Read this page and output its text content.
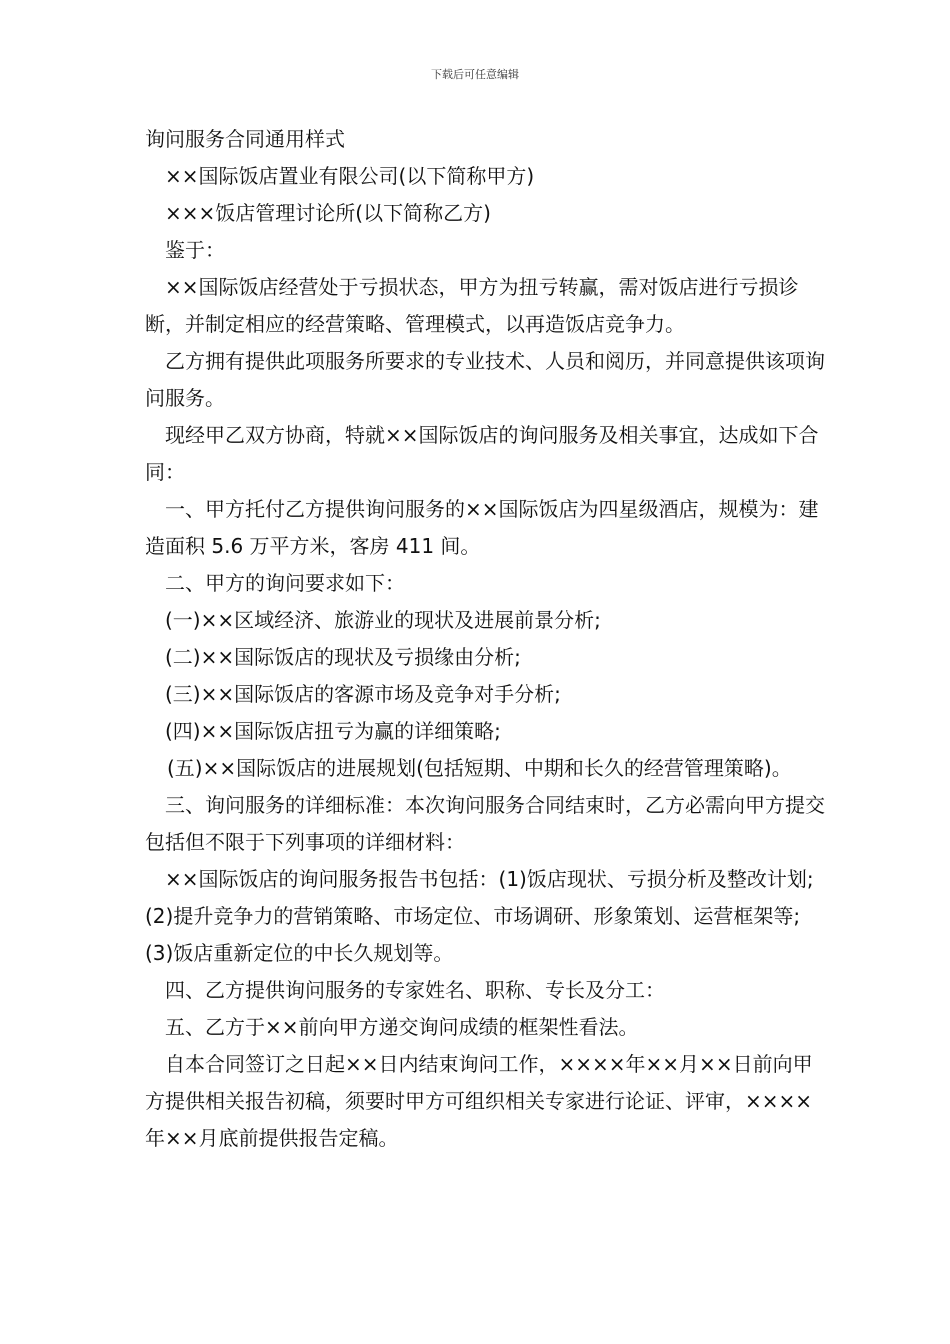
下载后可任意编辑

询问服务合同通用样式

××国际饭店置业有限公司(以下简称甲方)

×××饭店管理讨论所(以下简称乙方)

鉴于：

××国际饭店经营处于亏损状态，甲方为扭亏转赢，需对饭店进行亏损诊断，并制定相应的经营策略、管理模式，以再造饭店竞争力。

乙方拥有提供此项服务所要求的专业技术、人员和阅历，并同意提供该项询问服务。

现经甲乙双方协商，特就××国际饭店的询问服务及相关事宜，达成如下合同：

一、甲方托付乙方提供询问服务的××国际饭店为四星级酒店，规模为：建造面积 5.6 万平方米，客房 411 间。

二、甲方的询问要求如下：

(一)××区域经济、旅游业的现状及进展前景分析;

(二)××国际饭店的现状及亏损缘由分析;

(三)××国际饭店的客源市场及竞争对手分析;

(四)××国际饭店扭亏为赢的详细策略;

(五)××国际饭店的进展规划(包括短期、中期和长久的经营管理策略)。

三、询问服务的详细标准：本次询问服务合同结束时，乙方必需向甲方提交包括但不限于下列事项的详细材料：

××国际饭店的询问服务报告书包括：(1)饭店现状、亏损分析及整改计划;(2)提升竞争力的营销策略、市场定位、市场调研、形象策划、运营框架等;(3)饭店重新定位的中长久规划等。

四、乙方提供询问服务的专家姓名、职称、专长及分工：

五、乙方于××前向甲方递交询问成绩的框架性看法。

自本合同签订之日起××日内结束询问工作，××××年××月××日前向甲方提供相关报告初稿，须要时甲方可组织相关专家进行论证、评审，××××年××月底前提供报告定稿。
